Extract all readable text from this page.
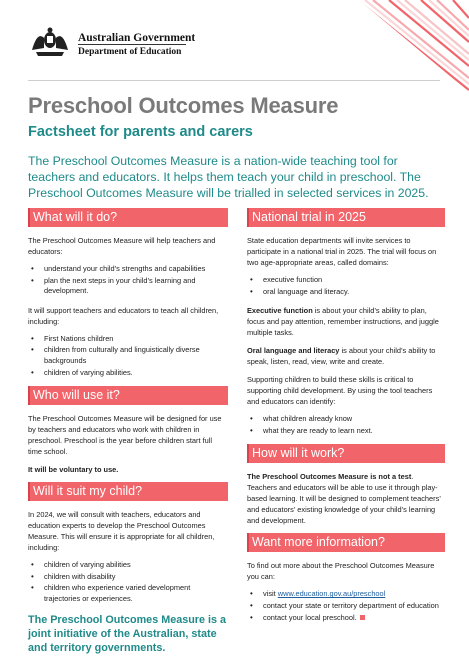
Australian Government
Department of Education
Preschool Outcomes Measure
Factsheet for parents and carers
The Preschool Outcomes Measure is a nation-wide teaching tool for teachers and educators. It helps them teach your child in preschool. The Preschool Outcomes Measure will be trialled in selected services in 2025.
What will it do?
The Preschool Outcomes Measure will help teachers and educators:
• understand your child’s strengths and capabilities
• plan the next steps in your child’s learning and development.
It will support teachers and educators to teach all children, including:
• First Nations children
• children from culturally and linguistically diverse backgrounds
• children of varying abilities.
Who will use it?
The Preschool Outcomes Measure will be designed for use by teachers and educators who work with children in preschool. Preschool is the year before children start full time school.
It will be voluntary to use.
Will it suit my child?
In 2024, we will consult with teachers, educators and education experts to develop the Preschool Outcomes Measure. This will ensure it is appropriate for all children, including:
• children of varying abilities
• children with disability
• children who experience varied development trajectories or experiences.
The Preschool Outcomes Measure is a joint initiative of the Australian, state and territory governments.
National trial in 2025
State education departments will invite services to participate in a national trial in 2025. The trial will focus on two age-appropriate areas, called domains:
• executive function
• oral language and literacy.
Executive function is about your child’s ability to plan, focus and pay attention, remember instructions, and juggle multiple tasks.
Oral language and literacy is about your child’s ability to speak, listen, read, view, write and create.
Supporting children to build these skills is critical to supporting child development. By using the tool teachers and educators can identify:
• what children already know
• what they are ready to learn next.
How will it work?
The Preschool Outcomes Measure is not a test. Teachers and educators will be able to use it through play-based learning. It will be designed to complement teachers’ and educators’ existing knowledge of your child’s learning and development.
Want more information?
To find out more about the Preschool Outcomes Measure you can:
• visit www.education.gov.au/preschool
• contact your state or territory department of education
• contact your local preschool.
